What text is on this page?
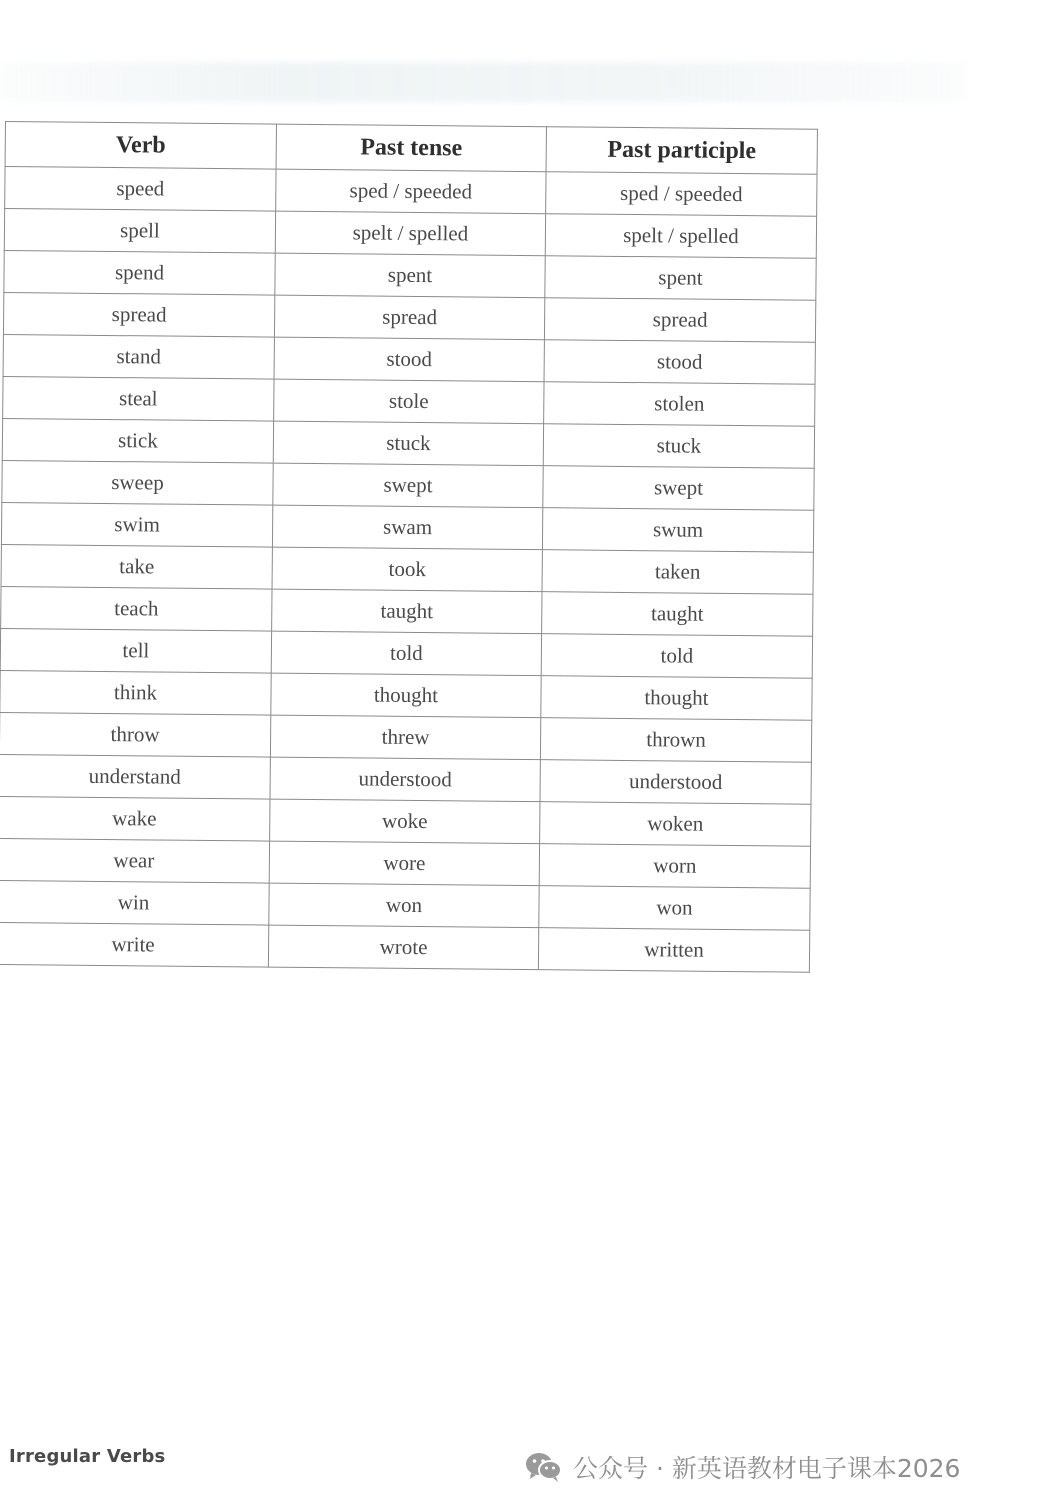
Verb	Past tense	Past participle
speed	sped / speeded	sped / speeded
spell	spelt / spelled	spelt / spelled
spend	spent	spent
spread	spread	spread
stand	stood	stood
steal	stole	stolen
stick	stuck	stuck
sweep	swept	swept
swim	swam	swum
take	took	taken
teach	taught	taught
tell	told	told
think	thought	thought
throw	threw	thrown
understand	understood	understood
wake	woke	woken
wear	wore	worn
win	won	won
write	wrote	written
Irregular Verbs	公众号 · 新英语教材电子课本2026
